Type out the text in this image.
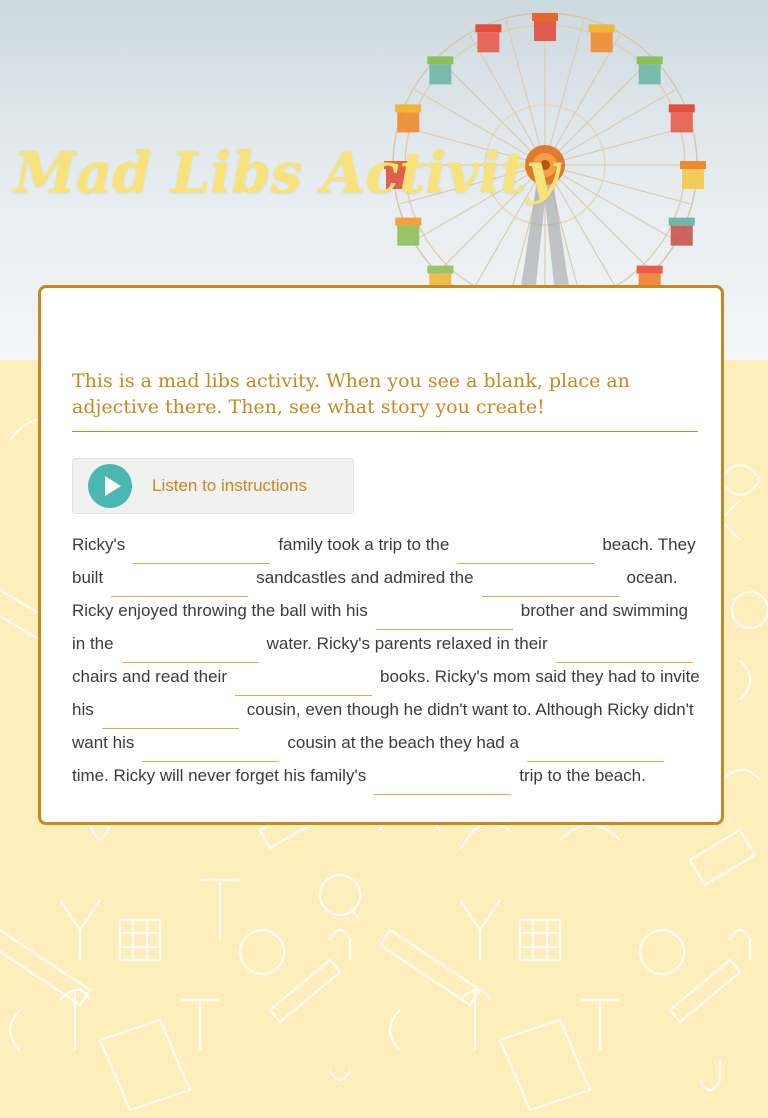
Mad Libs Activity

This is a mad libs activity. When you see a blank, place an adjective there. Then, see what story you create!

Listen to instructions

Ricky's	family took a trip to the	beach. They built	sandcastles and admired the	ocean. Ricky enjoyed throwing the ball with his	brother and swimming in the	water. Ricky's parents relaxed in theirchairs and read their	books. Ricky's mom said they had to invite his	cousin, even though he didn't want to. Although Ricky didn't want his	cousin at the beach they had atime. Ricky will never forget his family's	trip to the beach.
